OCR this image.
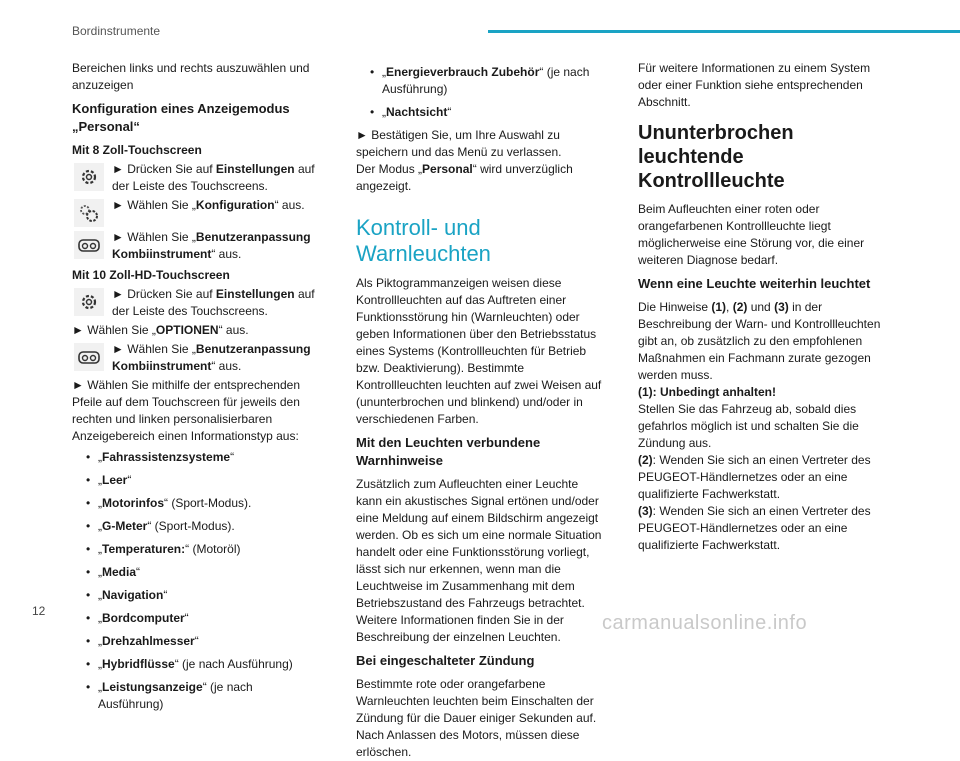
Bordinstrumente

Bereichen links und rechts auszuwählen und anzuzeigen

Konfiguration eines Anzeigemodus „Personal“
Mit 8 Zoll-Touchscreen
► Drücken Sie auf Einstellungen auf der Leiste des Touchscreens.
► Wählen Sie „Konfiguration“ aus.
► Wählen Sie „Benutzeranpassung Kombiinstrument“ aus.
Mit 10 Zoll-HD-Touchscreen
► Drücken Sie auf Einstellungen auf der Leiste des Touchscreens.

► Wählen Sie „OPTIONEN“ aus.

► Wählen Sie „Benutzeranpassung Kombiinstrument“ aus.

► Wählen Sie mithilfe der entsprechenden Pfeile auf dem Touchscreen für jeweils den rechten und linken personalisierbaren Anzeigebereich einen Informationstyp aus:

• „Fahrassistenzsysteme“
• „Leer“
• „Motorinfos“ (Sport-Modus).
• „G-Meter“ (Sport-Modus).
• „Temperaturen:“ (Motoröl)
• „Media“
• „Navigation“
• „Bordcomputer“
• „Drehzahlmesser“
• „Hybridflüsse“ (je nach Ausführung)
• „Leistungsanzeige“ (je nach Ausführung)
• „Energieverbrauch Zubehör“ (je nach Ausführung)
• „Nachtsicht“

► Bestätigen Sie, um Ihre Auswahl zu speichern und das Menü zu verlassen.

Der Modus „Personal“ wird unverzüglich angezeigt.

Kontroll- und Warnleuchten

Als Piktogrammanzeigen weisen diese Kontrollleuchten auf das Auftreten einer Funktionsstörung hin (Warnleuchten) oder geben Informationen über den Betriebsstatus eines Systems (Kontrollleuchten für Betrieb bzw. Deaktivierung). Bestimmte Kontrollleuchten leuchten auf zwei Weisen auf (ununterbrochen und blinkend) und/oder in verschiedenen Farben.

Mit den Leuchten verbundene Warnhinweise

Zusätzlich zum Aufleuchten einer Leuchte kann ein akustisches Signal ertönen und/oder eine Meldung auf einem Bildschirm angezeigt werden. Ob es sich um eine normale Situation handelt oder eine Funktionsstörung vorliegt, lässt sich nur erkennen, wenn man die Leuchtweise im Zusammenhang mit dem Betriebszustand des Fahrzeugs betrachtet. Weitere Informationen finden Sie in der Beschreibung der einzelnen Leuchten.

Bei eingeschalteter Zündung

Bestimmte rote oder orangefarbene Warnleuchten leuchten beim Einschalten der Zündung für die Dauer einiger Sekunden auf. Nach Anlassen des Motors, müssen diese erlöschen.

Für weitere Informationen zu einem System oder einer Funktion siehe entsprechenden Abschnitt.

Ununterbrochen leuchtende Kontrollleuchte

Beim Aufleuchten einer roten oder orangefarbenen Kontrollleuchte liegt möglicherweise eine Störung vor, die einer weiteren Diagnose bedarf.

Wenn eine Leuchte weiterhin leuchtet

Die Hinweise (1), (2) und (3) in der Beschreibung der Warn- und Kontrollleuchten gibt an, ob zusätzlich zu den empfohlenen Maßnahmen ein Fachmann zurate gezogen werden muss.

(1): Unbedingt anhalten!

Stellen Sie das Fahrzeug ab, sobald dies gefahrlos möglich ist und schalten Sie die Zündung aus.

(2): Wenden Sie sich an einen Vertreter des PEUGEOT-Händlernetzes oder an eine qualifizierte Fachwerkstatt.

(3): Wenden Sie sich an einen Vertreter des PEUGEOT-Händlernetzes oder an eine qualifizierte Fachwerkstatt.

12
carmanualsonline.info
